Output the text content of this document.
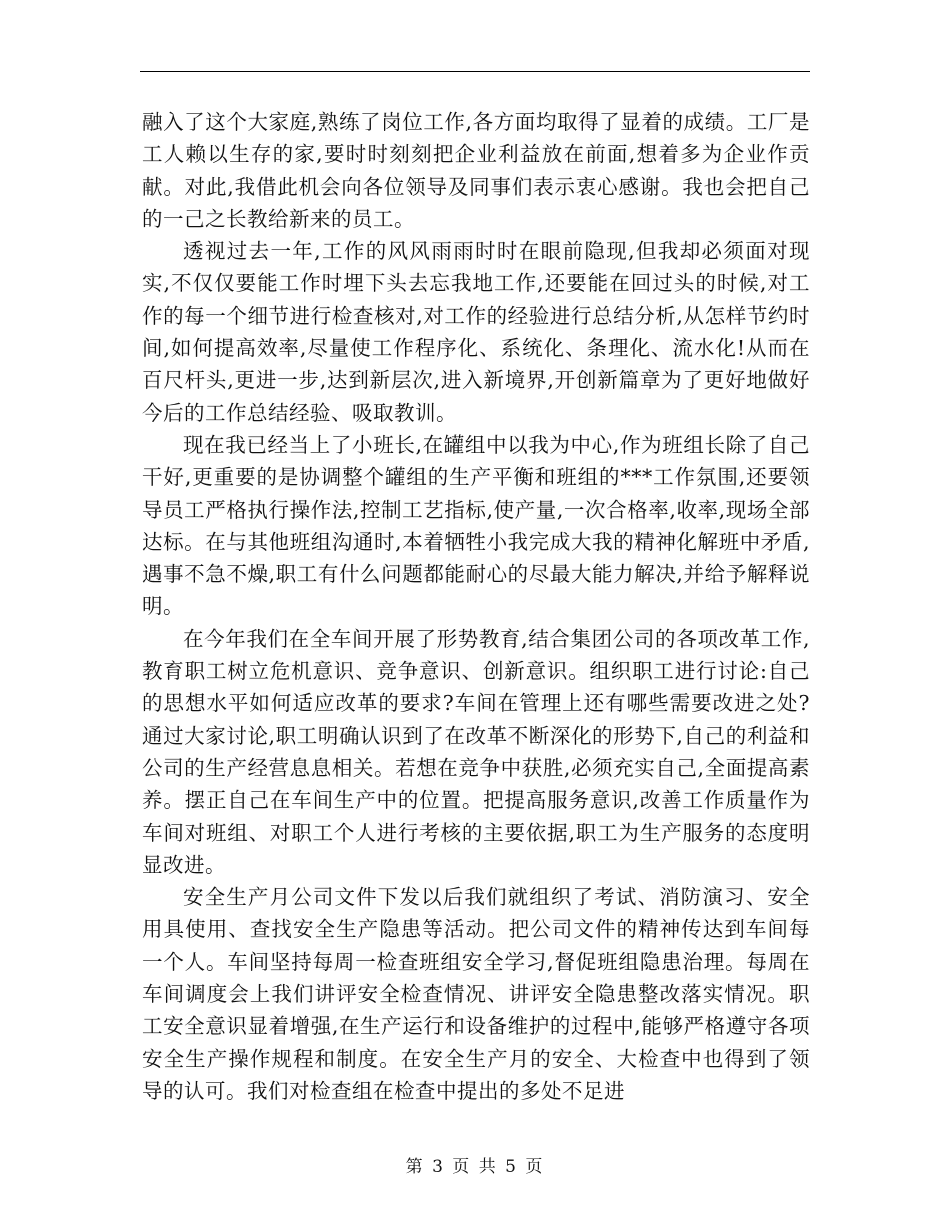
融入了这个大家庭,熟练了岗位工作,各方面均取得了显着的成绩。工厂是工人赖以生存的家,要时时刻刻把企业利益放在前面,想着多为企业作贡献。对此,我借此机会向各位领导及同事们表示衷心感谢。我也会把自己的一己之长教给新来的员工。

透视过去一年,工作的风风雨雨时时在眼前隐现,但我却必须面对现实,不仅仅要能工作时埋下头去忘我地工作,还要能在回过头的时候,对工作的每一个细节进行检查核对,对工作的经验进行总结分析,从怎样节约时间,如何提高效率,尽量使工作程序化、系统化、条理化、流水化!从而在百尺杆头,更进一步,达到新层次,进入新境界,开创新篇章为了更好地做好今后的工作总结经验、吸取教训。

现在我已经当上了小班长,在罐组中以我为中心,作为班组长除了自己干好,更重要的是协调整个罐组的生产平衡和班组的***工作氛围,还要领导员工严格执行操作法,控制工艺指标,使产量,一次合格率,收率,现场全部达标。在与其他班组沟通时,本着牺牲小我完成大我的精神化解班中矛盾,遇事不急不燥,职工有什么问题都能耐心的尽最大能力解决,并给予解释说明。

在今年我们在全车间开展了形势教育,结合集团公司的各项改革工作,教育职工树立危机意识、竞争意识、创新意识。组织职工进行讨论:自己的思想水平如何适应改革的要求?车间在管理上还有哪些需要改进之处?通过大家讨论,职工明确认识到了在改革不断深化的形势下,自己的利益和公司的生产经营息息相关。若想在竞争中获胜,必须充实自己,全面提高素养。摆正自己在车间生产中的位置。把提高服务意识,改善工作质量作为车间对班组、对职工个人进行考核的主要依据,职工为生产服务的态度明显改进。

安全生产月公司文件下发以后我们就组织了考试、消防演习、安全用具使用、查找安全生产隐患等活动。把公司文件的精神传达到车间每一个人。车间坚持每周一检查班组安全学习,督促班组隐患治理。每周在车间调度会上我们讲评安全检查情况、讲评安全隐患整改落实情况。职工安全意识显着增强,在生产运行和设备维护的过程中,能够严格遵守各项安全生产操作规程和制度。在安全生产月的安全、大检查中也得到了领导的认可。我们对检查组在检查中提出的多处不足进

第 3 页 共 5 页
